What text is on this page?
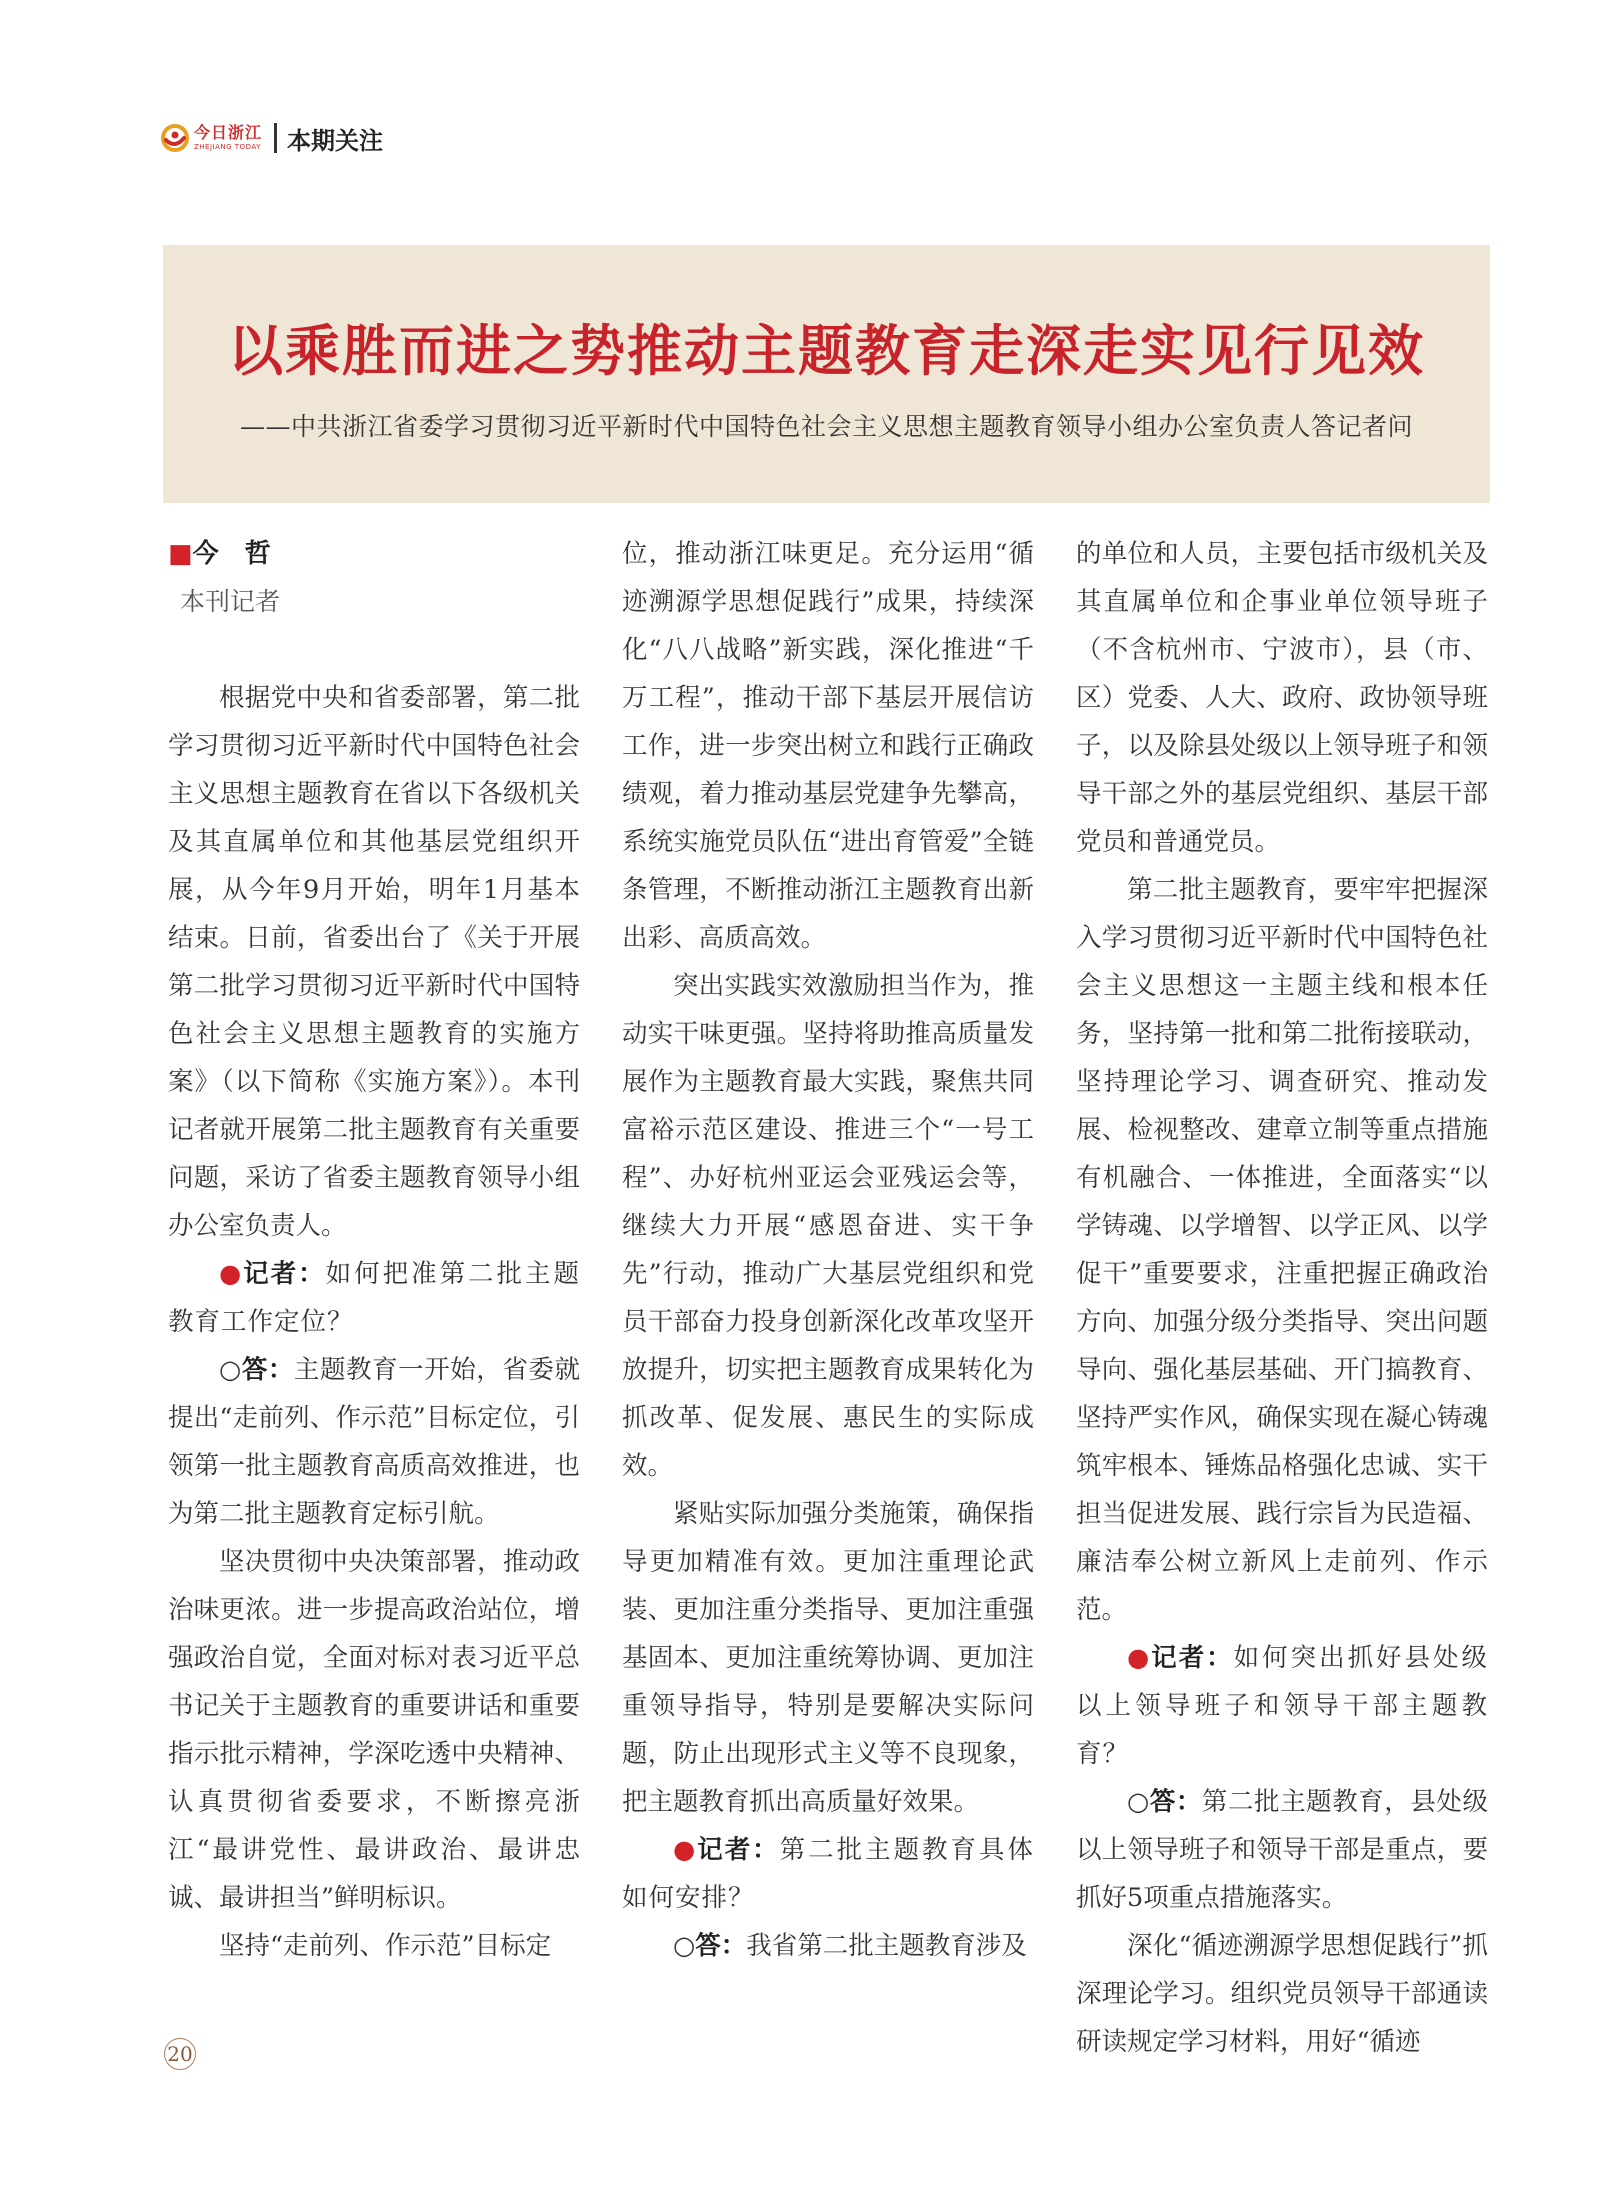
今日浙江
ZHEJIANG TODAY 本期关注
以乘胜而进之势推动主题教育走深走实见行见效
——中共浙江省委学习贯彻习近平新时代中国特色社会主义思想主题教育领导小组办公室负责人答记者问
■今　哲
本刊记者

根据党中央和省委部署，第二批学习贯彻习近平新时代中国特色社会主义思想主题教育在省以下各级机关及其直属单位和其他基层党组织开展，从今年9月开始，明年1月基本结束。日前，省委出台了《关于开展第二批学习贯彻习近平新时代中国特色社会主义思想主题教育的实施方案》（以下简称《实施方案》）。本刊记者就开展第二批主题教育有关重要问题，采访了省委主题教育领导小组办公室负责人。

●记者：如何把准第二批主题教育工作定位？

○答：主题教育一开始，省委就提出“走前列、作示范”目标定位，引领第一批主题教育高质高效推进，也为第二批主题教育定标引航。

坚决贯彻中央决策部署，推动政治味更浓。进一步提高政治站位，增强政治自觉，全面对标对表习近平总书记关于主题教育的重要讲话和重要指示批示精神，学深吃透中央精神、认真贯彻省委要求，不断擦亮浙江“最讲党性、最讲政治、最讲忠诚、最讲担当”鲜明标识。

坚持“走前列、作示范”目标定

位，推动浙江味更足。充分运用“循迹溯源学思想促践行”成果，持续深化“八八战略”新实践，深化推进“千万工程”，推动干部下基层开展信访工作，进一步突出树立和践行正确政绩观，着力推动基层党建争先攀高，系统实施党员队伍“进出育管爱”全链条管理，不断推动浙江主题教育出新出彩、高质高效。

突出实践实效激励担当作为，推动实干味更强。坚持将助推高质量发展作为主题教育最大实践，聚焦共同富裕示范区建设、推进三个“一号工程”、办好杭州亚运会亚残运会等，继续大力开展“感恩奋进、实干争先”行动，推动广大基层党组织和党员干部奋力投身创新深化改革攻坚开放提升，切实把主题教育成果转化为抓改革、促发展、惠民生的实际成效。

紧贴实际加强分类施策，确保指导更加精准有效。更加注重理论武装、更加注重分类指导、更加注重强基固本、更加注重统筹协调、更加注重领导指导，特别是要解决实际问题，防止出现形式主义等不良现象，把主题教育抓出高质量好效果。

●记者：第二批主题教育具体如何安排？

○答：我省第二批主题教育涉及

的单位和人员，主要包括市级机关及其直属单位和企事业单位领导班子（不含杭州市、宁波市），县（市、区）党委、人大、政府、政协领导班子，以及除县处级以上领导班子和领导干部之外的基层党组织、基层干部党员和普通党员。

第二批主题教育，要牢牢把握深入学习贯彻习近平新时代中国特色社会主义思想这一主题主线和根本任务，坚持第一批和第二批衔接联动，坚持理论学习、调查研究、推动发展、检视整改、建章立制等重点措施有机融合、一体推进，全面落实“以学铸魂、以学增智、以学正风、以学促干”重要要求，注重把握正确政治方向、加强分级分类指导、突出问题导向、强化基层基础、开门搞教育、坚持严实作风，确保实现在凝心铸魂筑牢根本、锤炼品格强化忠诚、实干担当促进发展、践行宗旨为民造福、廉洁奉公树立新风上走前列、作示范。

●记者：如何突出抓好县处级以上领导班子和领导干部主题教育？

○答：第二批主题教育，县处级以上领导班子和领导干部是重点，要抓好5项重点措施落实。

深化“循迹溯源学思想促践行”抓深理论学习。组织党员领导干部通读研读规定学习材料，用好“循迹

20
